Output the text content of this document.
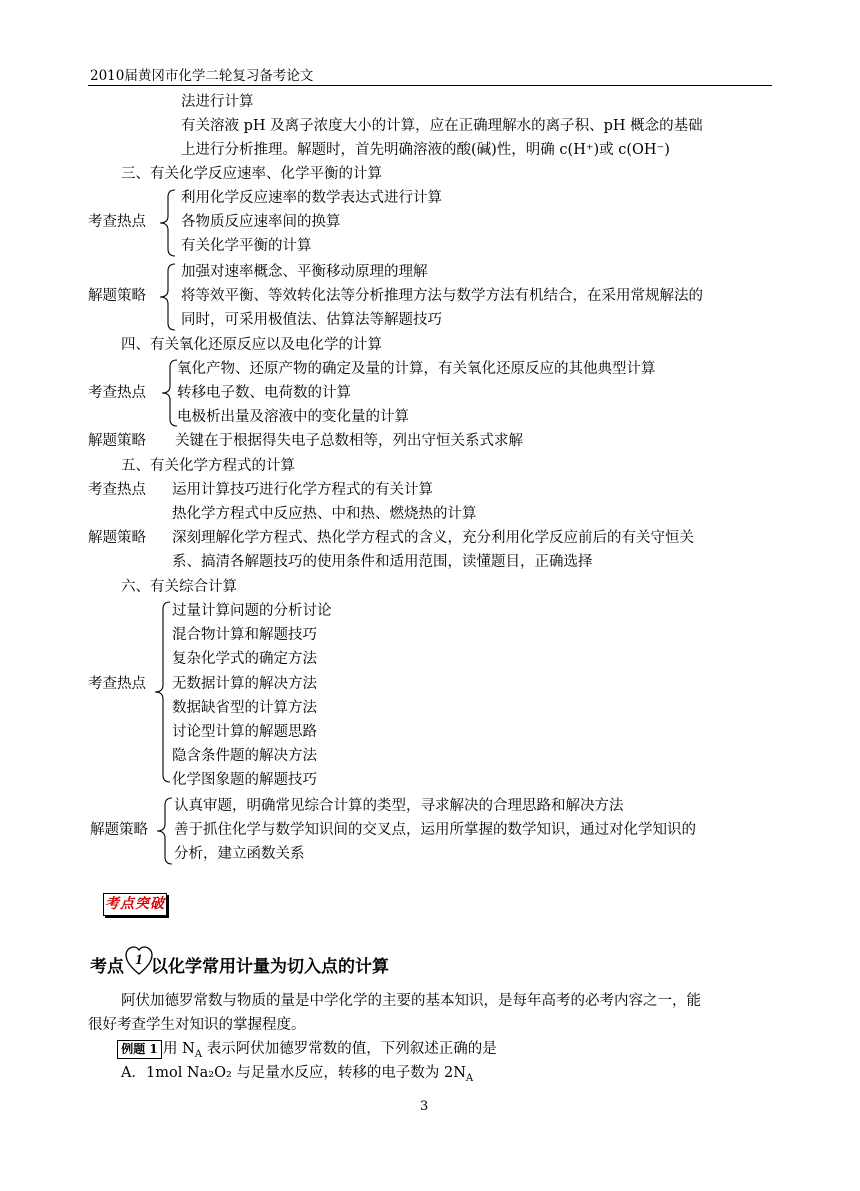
2010届黄冈市化学二轮复习备考论文
法进行计算
有关溶液 pH 及离子浓度大小的计算，应在正确理解水的离子积、pH 概念的基础
上进行分析推理。解题时，首先明确溶液的酸(碱)性，明确 c(H⁺)或 c(OH⁻)
三、有关化学反应速率、化学平衡的计算
考查热点
利用化学反应速率的数学表达式进行计算
各物质反应速率间的换算
有关化学平衡的计算
解题策略
加强对速率概念、平衡移动原理的理解
将等效平衡、等效转化法等分析推理方法与数学方法有机结合，在采用常规解法的
同时，可采用极值法、估算法等解题技巧
四、有关氧化还原反应以及电化学的计算
考查热点
氧化产物、还原产物的确定及量的计算，有关氧化还原反应的其他典型计算
转移电子数、电荷数的计算
电极析出量及溶液中的变化量的计算
解题策略 关键在于根据得失电子总数相等，列出守恒关系式求解
五、有关化学方程式的计算
考查热点 运用计算技巧进行化学方程式的有关计算
热化学方程式中反应热、中和热、燃烧热的计算
解题策略 深刻理解化学方程式、热化学方程式的含义，充分利用化学反应前后的有关守恒关
系、搞清各解题技巧的使用条件和适用范围，读懂题目，正确选择
六、有关综合计算
考查热点
过量计算问题的分析讨论
混合物计算和解题技巧
复杂化学式的确定方法
无数据计算的解决方法
数据缺省型的计算方法
讨论型计算的解题思路
隐含条件题的解决方法
化学图象题的解题技巧
解题策略
认真审题，明确常见综合计算的类型，寻求解决的合理思路和解决方法
善于抓住化学与数学知识间的交叉点，运用所掌握的数学知识，通过对化学知识的
分析，建立函数关系
考点突破
考点 1 以化学常用计量为切入点的计算
阿伏加德罗常数与物质的量是中学化学的主要的基本知识，是每年高考的必考内容之一，能
很好考查学生对知识的掌握程度。
例题 1 用 $N_A$ 表示阿伏加德罗常数的值，下列叙述正确的是
A．1mol Na₂O₂ 与足量水反应，转移的电子数为 $2N_A$
3
